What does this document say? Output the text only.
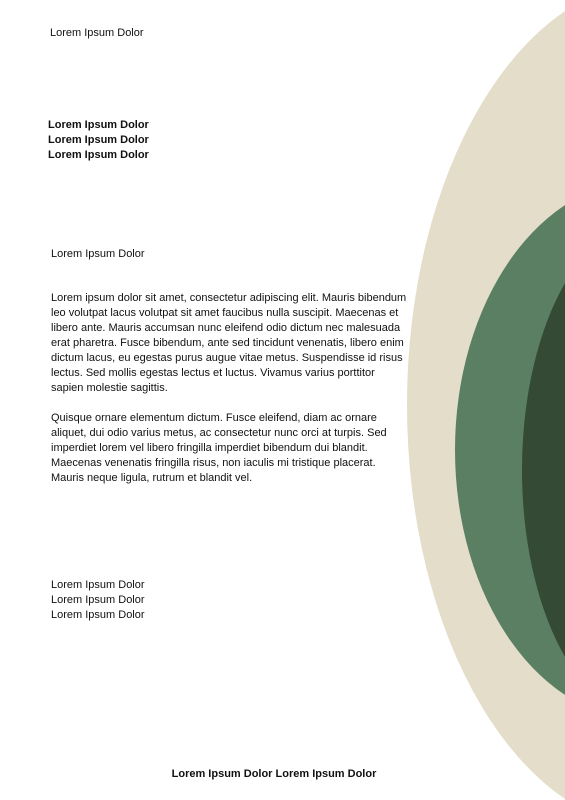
Lorem Ipsum Dolor
Lorem Ipsum Dolor
Lorem Ipsum Dolor
Lorem Ipsum Dolor
Lorem Ipsum Dolor

Lorem ipsum dolor sit amet, consectetur adipiscing elit. Mauris bibendum leo volutpat lacus volutpat sit amet faucibus nulla suscipit. Maecenas et libero ante. Mauris accumsan nunc eleifend odio dictum nec malesuada erat pharetra. Fusce bibendum, ante sed tincidunt venenatis, libero enim dictum lacus, eu egestas purus augue vitae metus. Suspendisse id risus lectus. Sed mollis egestas lectus et luctus. Vivamus varius porttitor sapien molestie sagittis.

Quisque ornare elementum dictum. Fusce eleifend, diam ac ornare aliquet, dui odio varius metus, ac consectetur nunc orci at turpis. Sed imperdiet lorem vel libero fringilla imperdiet bibendum dui blandit. Maecenas venenatis fringilla risus, non iaculis mi tristique placerat. Mauris neque ligula, rutrum et blandit vel.

Lorem Ipsum Dolor
Lorem Ipsum Dolor
Lorem Ipsum Dolor
Lorem Ipsum Dolor Lorem Ipsum Dolor
